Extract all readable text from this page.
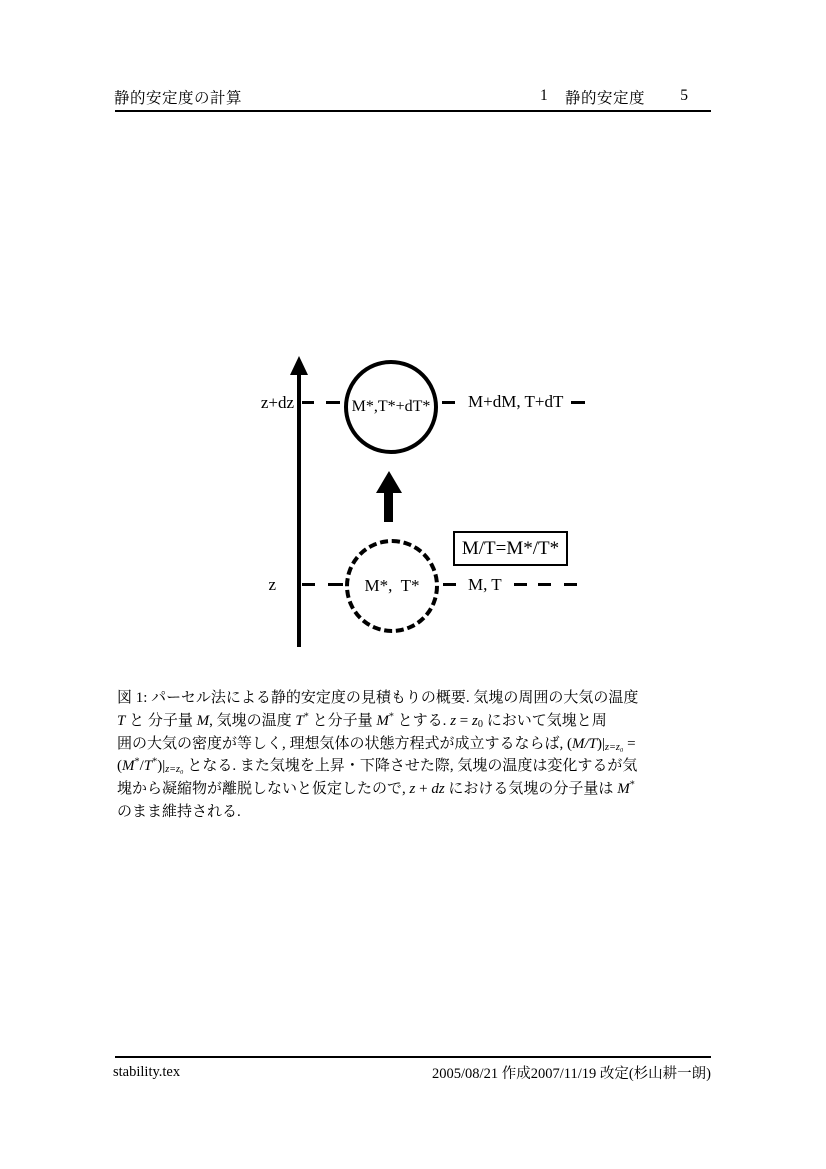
静的安定度の計算	1 静的安定度	5
z+dz	M*,T*+dT* M+dM, T+dT
M/T=M*/T*
z	M*,  T*	M, T
図 1: パーセル法による静的安定度の見積もりの概要. 気塊の周囲の大気の温度
T と 分子量 M, 気塊の温度 T* と分子量 M* とする. $z = z_0$ において気塊と周
囲の大気の密度が等しく, 理想気体の状態方程式が成立するならば, $(M/T)|_{z=z_0}$ =
$(M^*/T^*)|_{z=z_0}$ となる. また気塊を上昇・下降させた際, 気塊の温度は変化するが気
塊から凝縮物が離脱しないと仮定したので, z + dz における気塊の分子量は M*
のまま維持される.
stability.tex	2005/08/21 作成2007/11/19 改定(杉山耕一朗)
